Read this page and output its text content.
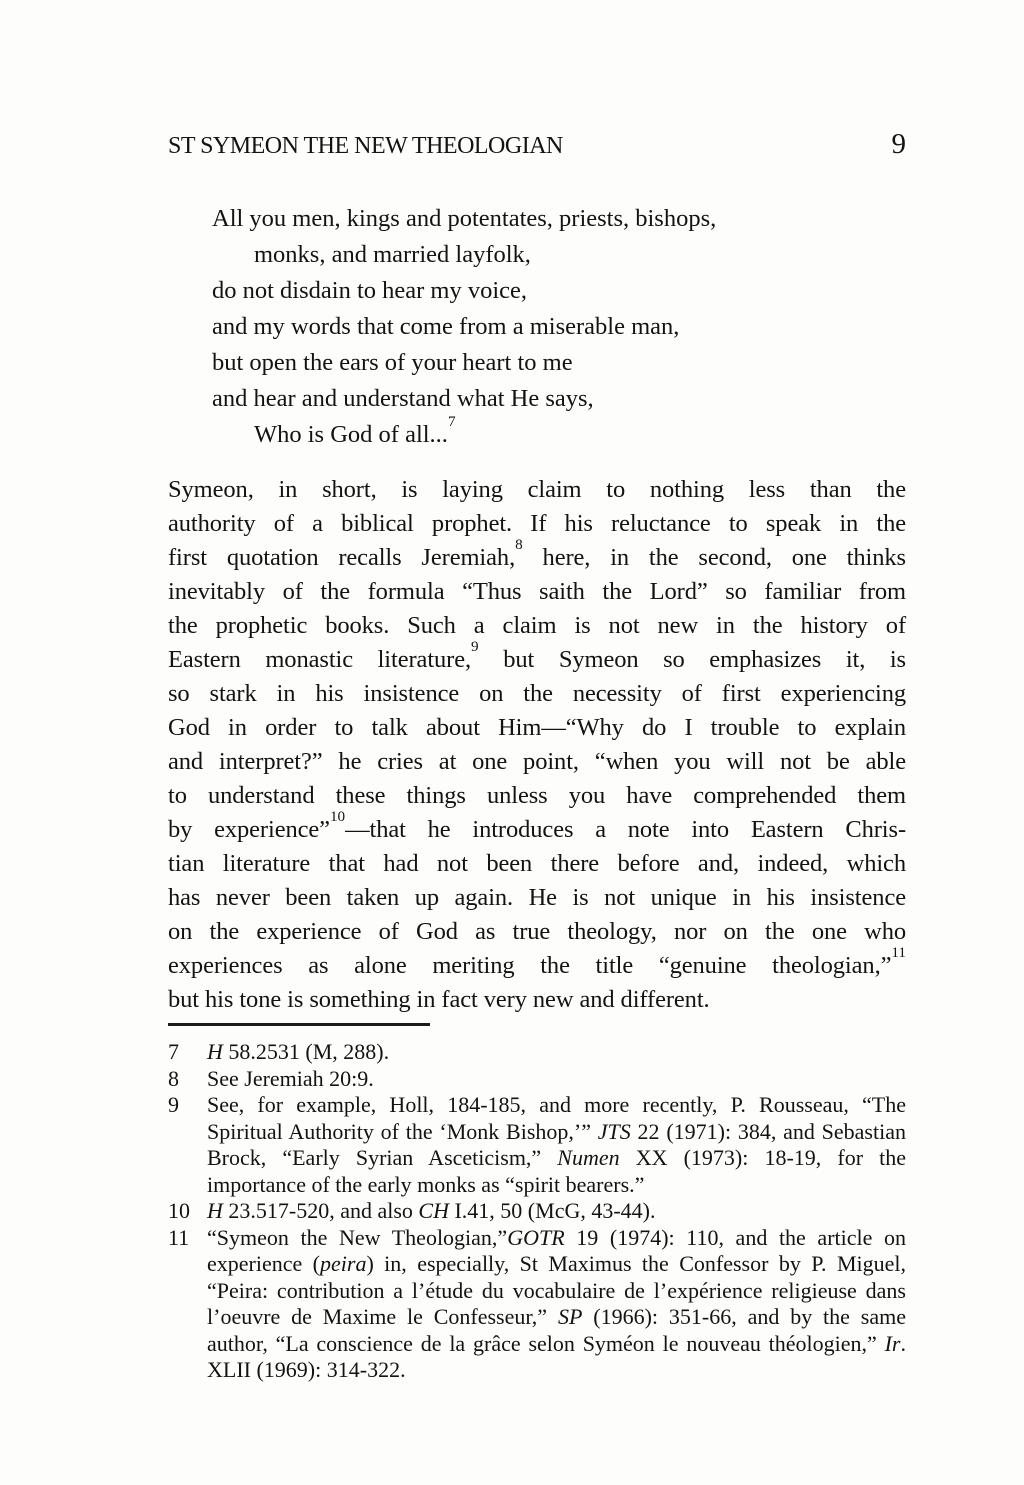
ST SYMEON THE NEW THEOLOGIAN	9
All you men, kings and potentates, priests, bishops,
monks, and married layfolk,
do not disdain to hear my voice,
and my words that come from a miserable man,
but open the ears of your heart to me
and hear and understand what He says,
Who is God of all...$^7$
Symeon, in short, is laying claim to nothing less than the
authority of a biblical prophet. If his reluctance to speak in the
first quotation recalls Jeremiah,$^8$ here, in the second, one thinks
inevitably of the formula “Thus saith the Lord” so familiar from
the prophetic books. Such a claim is not new in the history of
Eastern monastic literature,$^9$ but Symeon so emphasizes it, is
so stark in his insistence on the necessity of first experiencing
God in order to talk about Him—“Why do I trouble to explain
and interpret?” he cries at one point, “when you will not be able
to understand these things unless you have comprehended them
by experience”$^{10}$—that he introduces a note into Eastern Chris-
tian literature that had not been there before and, indeed, which
has never been taken up again. He is not unique in his insistence
on the experience of God as true theology, nor on the one who
experiences as alone meriting the title “genuine theologian,”$^{11}$
but his tone is something in fact very new and different.
7	H 58.2531 (M, 288).
8	See Jeremiah 20:9.
9	See, for example, Holl, 184-185, and more recently, P. Rousseau, “The Spiritual Authority of the ‘Monk Bishop,’” JTS 22 (1971): 384, and Sebastian Brock, “Early Syrian Asceticism,” Numen XX (1973): 18-19, for the importance of the early monks as “spirit bearers.”
10 H 23.517-520, and also CH I.41, 50 (McG, 43-44).
11 “Symeon the New Theologian,”GOTR 19 (1974): 110, and the article on experience (peira) in, especially, St Maximus the Confessor by P. Miguel, “Peira: contribution a l’étude du vocabulaire de l’expérience religieuse dans l’oeuvre de Maxime le Confesseur,” SP (1966): 351-66, and by the same author, “La conscience de la grâce selon Syméon le nouveau théologien,” Ir. XLII (1969): 314-322.
